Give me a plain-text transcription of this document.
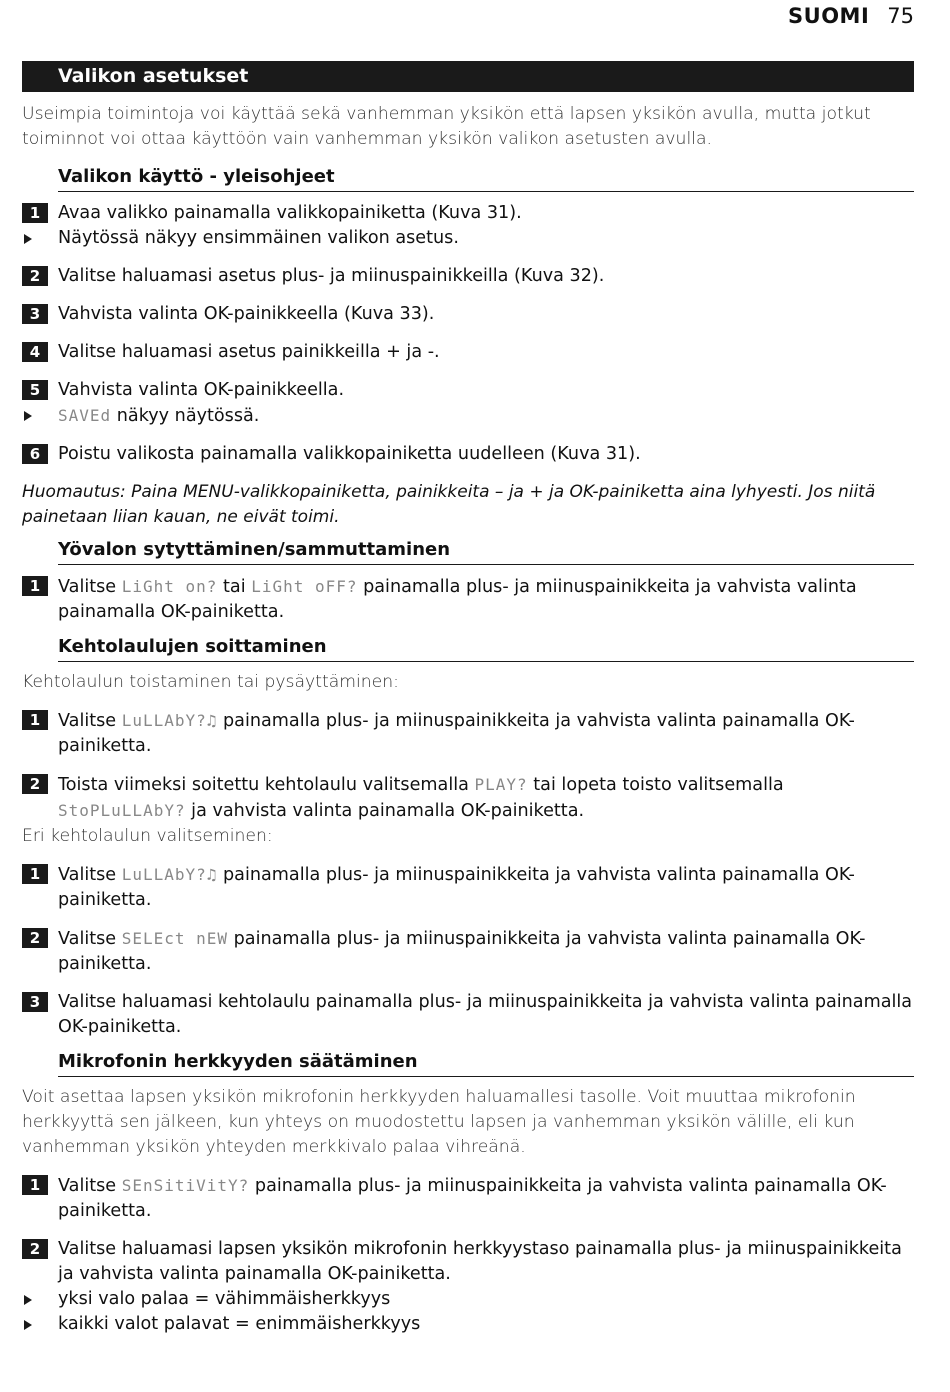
SUOMI 75
Valikon asetukset
Useimpia toimintoja voi käyttää sekä vanhemman yksikön että lapsen yksikön avulla, mutta jotkut toiminnot voi ottaa käyttöön vain vanhemman yksikön valikon asetusten avulla.
Valikon käyttö - yleisohjeet
1	Avaa valikko painamalla valikkopainiketta (Kuva 31).
Näytössä näkyy ensimmäinen valikon asetus.
2	Valitse haluamasi asetus plus- ja miinuspainikkeilla (Kuva 32).
3	Vahvista valinta OK-painikkeella (Kuva 33).
4	Valitse haluamasi asetus painikkeilla + ja -.
5	Vahvista valinta OK-painikkeella.
SAVEd näkyy näytössä.
6	Poistu valikosta painamalla valikkopainiketta uudelleen (Kuva 31).
Huomautus: Paina MENU-valikkopainiketta, painikkeita – ja + ja OK-painiketta aina lyhyesti. Jos niitä painetaan liian kauan, ne eivät toimi.
Yövalon sytyttäminen/sammuttaminen
1	Valitse LiGht on? tai LiGht oFF? painamalla plus- ja miinuspainikkeita ja vahvista valinta painamalla OK-painiketta.
Kehtolaulujen soittaminen
Kehtolaulun toistaminen tai pysäyttäminen:
1	Valitse LuLLAbY?♫ painamalla plus- ja miinuspainikkeita ja vahvista valinta painamalla OK-painiketta.
2	Toista viimeksi soitettu kehtolaulu valitsemalla PLAY? tai lopeta toisto valitsemalla StoPLuLLAbY? ja vahvista valinta painamalla OK-painiketta.
Eri kehtolaulun valitseminen:
1	Valitse LuLLAbY?♫ painamalla plus- ja miinuspainikkeita ja vahvista valinta painamalla OK-painiketta.
2	Valitse SELEct nEW painamalla plus- ja miinuspainikkeita ja vahvista valinta painamalla OK-painiketta.
3	Valitse haluamasi kehtolaulu painamalla plus- ja miinuspainikkeita ja vahvista valinta painamalla OK-painiketta.
Mikrofonin herkkyyden säätäminen
Voit asettaa lapsen yksikön mikrofonin herkkyyden haluamallesi tasolle. Voit muuttaa mikrofonin herkkyyttä sen jälkeen, kun yhteys on muodostettu lapsen ja vanhemman yksikön välille, eli kun vanhemman yksikön yhteyden merkkivalo palaa vihreänä.
1	Valitse SEnSitiVitY? painamalla plus- ja miinuspainikkeita ja vahvista valinta painamalla OK-painiketta.
2	Valitse haluamasi lapsen yksikön mikrofonin herkkyystaso painamalla plus- ja miinuspainikkeita ja vahvista valinta painamalla OK-painiketta.
yksi valo palaa = vähimmäisherkkyys
kaikki valot palavat = enimmäisherkkyys
